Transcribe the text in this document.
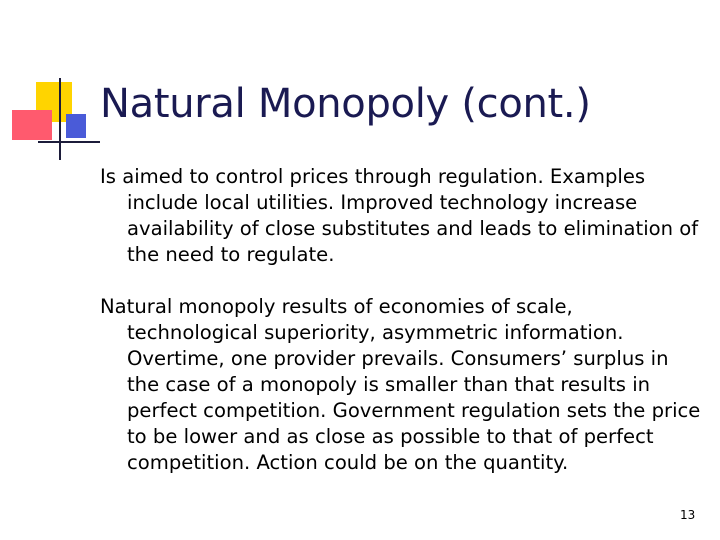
Natural Monopoly (cont.)

Is aimed to control prices through regulation. Examples include local utilities. Improved technology increase availability of close substitutes and leads to elimination of the need to regulate.

Natural monopoly results of economies of scale, technological superiority, asymmetric information. Overtime, one provider prevails. Consumers’ surplus in the case of a monopoly is smaller than that results in perfect competition. Government regulation sets the price to be lower and as close as possible to that of perfect competition. Action could be on the quantity.

13
